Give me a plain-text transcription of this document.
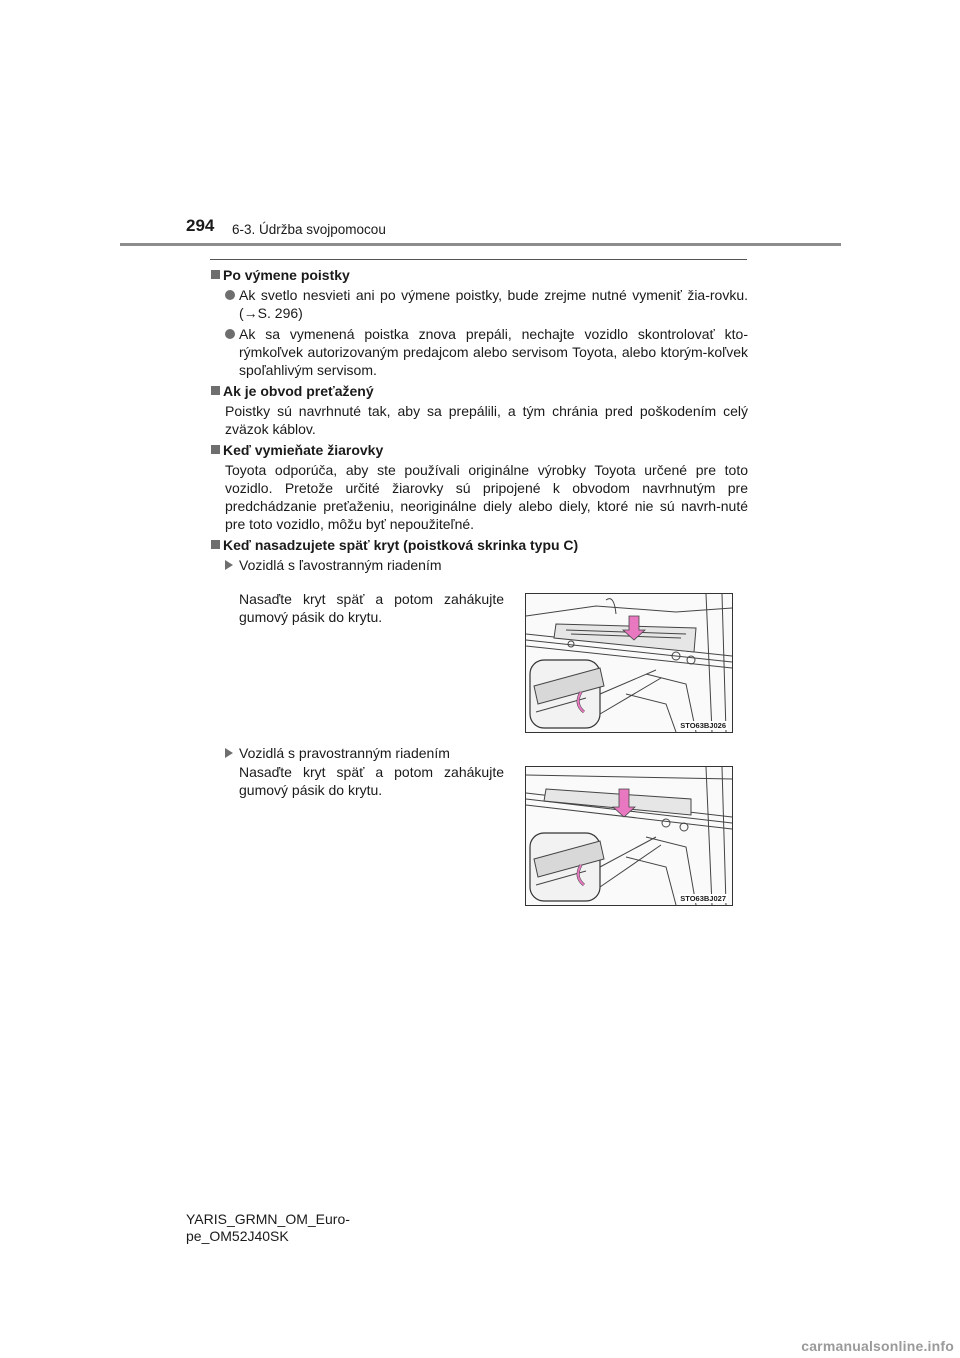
294 6-3. Údržba svojpomocou
Po výmene poistky
Ak svetlo nesvieti ani po výmene poistky, bude zrejme nutné vymeniť žia-rovku. (→S. 296)
Ak sa vymenená poistka znova prepáli, nechajte vozidlo skontrolovať kto-rýmkoľvek autorizovaným predajcom alebo servisom Toyota, alebo ktorým-koľvek spoľahlivým servisom.
Ak je obvod preťažený
Poistky sú navrhnuté tak, aby sa prepálili, a tým chránia pred poškodením celý zväzok káblov.
Keď vymieňate žiarovky
Toyota odporúča, aby ste používali originálne výrobky Toyota určené pre toto vozidlo. Pretože určité žiarovky sú pripojené k obvodom navrhnutým pre predchádzanie preťaženiu, neoriginálne diely alebo diely, ktoré nie sú navrh-nuté pre toto vozidlo, môžu byť nepoužiteľné.
Keď nasadzujete späť kryt (poistková skrinka typu C)
Vozidlá s ľavostranným riadením
Nasaďte kryt späť a potom zahákujte gumový pásik do krytu.
STO63BJ026
Vozidlá s pravostranným riadením
Nasaďte kryt späť a potom zahákujte gumový pásik do krytu.
STO63BJ027
YARIS_GRMN_OM_Euro-
pe_OM52J40SK
carmanualsonline.info
